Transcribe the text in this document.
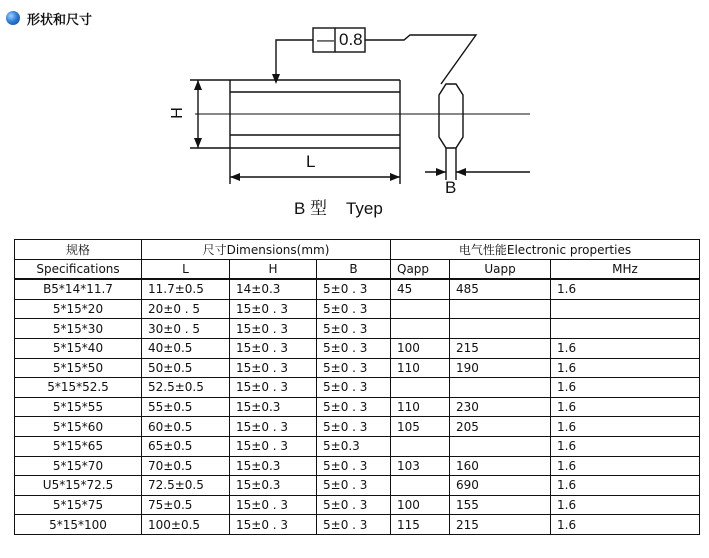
形状和尺寸
— 0.8
H
L
B
B 型    Tyep
规格	尺寸Dimensions(mm)			电气性能Electronic properties		
Specifications	L	H	B	Qapp	Uapp	MHz
B5*14*11.7	11.7±0.5	14±0.3	5±0 . 3	45	485	1.6
5*15*20	20±0 . 5	15±0 . 3	5±0 . 3			
5*15*30	30±0 . 5	15±0 . 3	5±0 . 3			
5*15*40	40±0.5	15±0 . 3	5±0 . 3	100	215	1.6
5*15*50	50±0.5	15±0 . 3	5±0 . 3	110	190	1.6
5*15*52.5	52.5±0.5	15±0 . 3	5±0 . 3			1.6
5*15*55	55±0.5	15±0.3	5±0 . 3	110	230	1.6
5*15*60	60±0.5	15±0 . 3	5±0 . 3	105	205	1.6
5*15*65	65±0.5	15±0 . 3	5±0.3			1.6
5*15*70	70±0.5	15±0.3	5±0 . 3	103	160	1.6
U5*15*72.5	72.5±0.5	15±0.3	5±0 . 3		690	1.6
5*15*75	75±0.5	15±0 . 3	5±0 . 3	100	155	1.6
5*15*100	100±0.5	15±0 . 3	5±0 . 3	115	215	1.6
